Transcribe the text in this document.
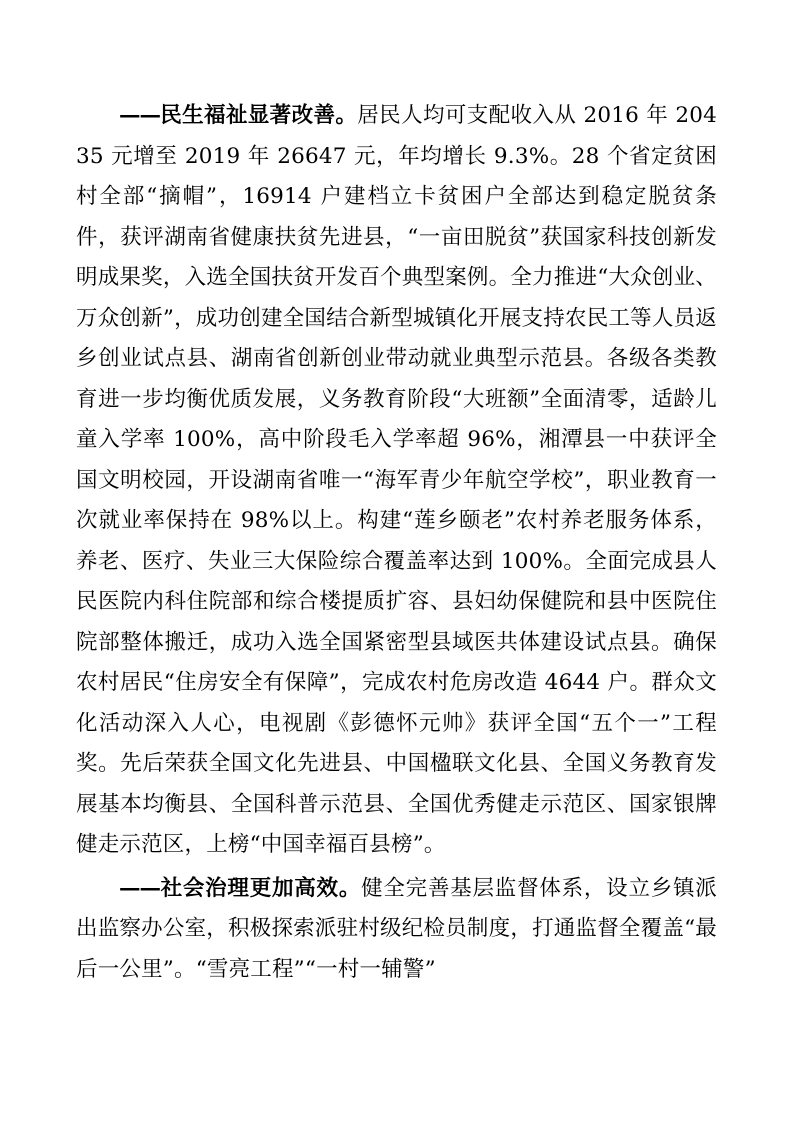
——民生福祉显著改善。居民人均可支配收入从 2016 年 20435 元增至 2019 年 26647 元，年均增长 9.3%。28 个省定贫困村全部“摘帽”，16914 户建档立卡贫困户全部达到稳定脱贫条件，获评湖南省健康扶贫先进县，“一亩田脱贫”获国家科技创新发明成果奖，入选全国扶贫开发百个典型案例。全力推进“大众创业、万众创新”，成功创建全国结合新型城镇化开展支持农民工等人员返乡创业试点县、湖南省创新创业带动就业典型示范县。各级各类教育进一步均衡优质发展，义务教育阶段“大班额”全面清零，适龄儿童入学率 100%，高中阶段毛入学率超 96%，湘潭县一中获评全国文明校园，开设湖南省唯一“海军青少年航空学校”，职业教育一次就业率保持在 98%以上。构建“莲乡颐老”农村养老服务体系，养老、医疗、失业三大保险综合覆盖率达到 100%。全面完成县人民医院内科住院部和综合楼提质扩容、县妇幼保健院和县中医院住院部整体搬迁，成功入选全国紧密型县域医共体建设试点县。确保农村居民“住房安全有保障”，完成农村危房改造 4644 户。群众文化活动深入人心，电视剧《彭德怀元帅》获评全国“五个一”工程奖。先后荣获全国文化先进县、中国楹联文化县、全国义务教育发展基本均衡县、全国科普示范县、全国优秀健走示范区、国家银牌健走示范区，上榜“中国幸福百县榜”。

——社会治理更加高效。健全完善基层监督体系，设立乡镇派出监察办公室，积极探索派驻村级纪检员制度，打通监督全覆盖“最后一公里”。“雪亮工程”“一村一辅警”
